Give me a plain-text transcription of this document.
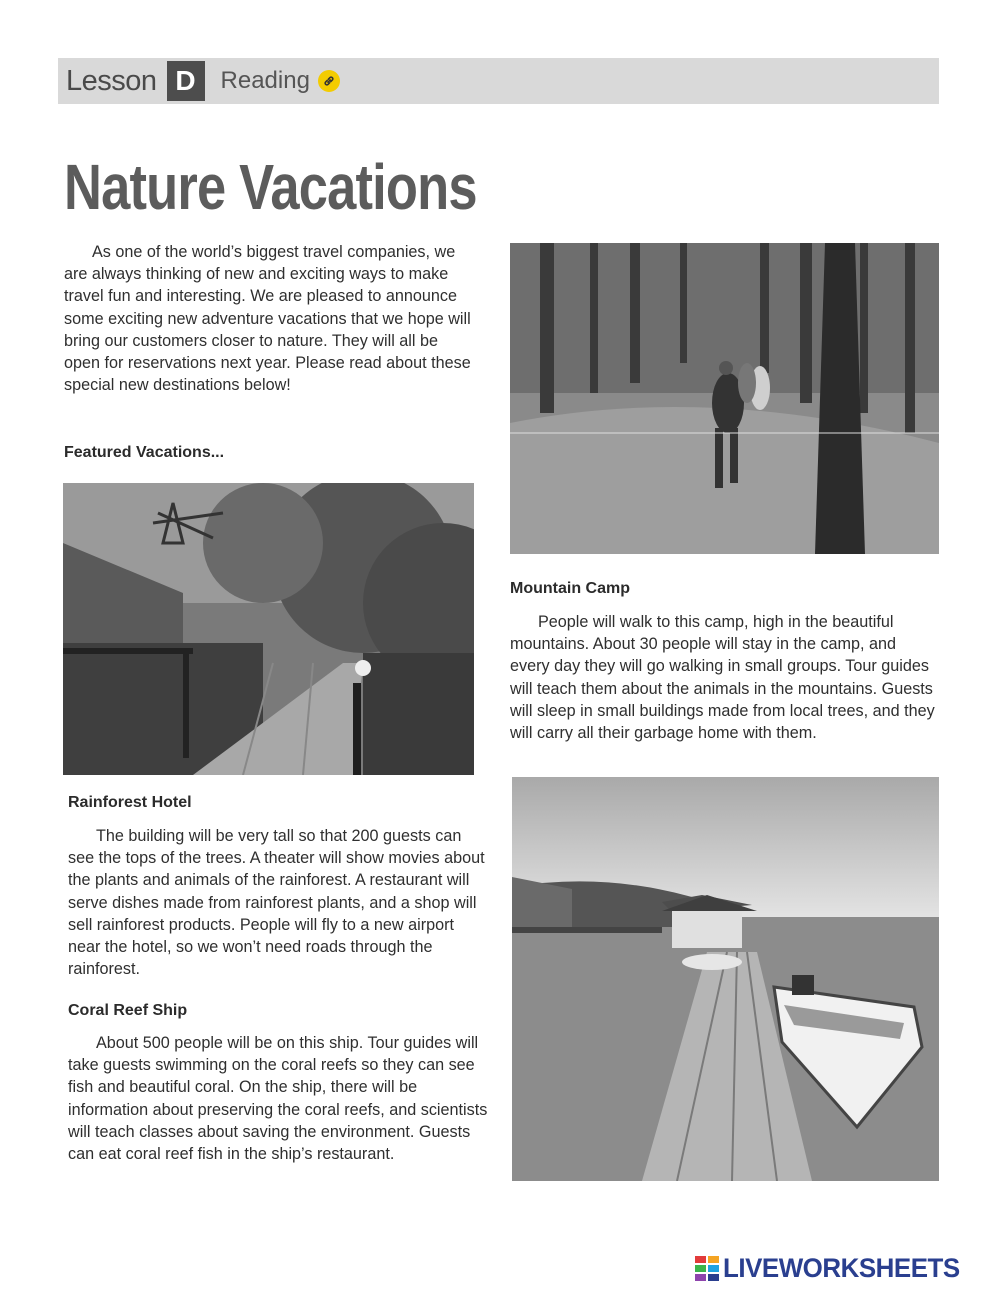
Lesson D	Reading
Nature Vacations

As one of the world’s biggest travel companies, we are always thinking of new and exciting ways to make travel fun and interesting. We are pleased to announce some exciting new adventure vacations that we hope will bring our customers closer to nature. They will all be open for reservations next year. Please read about these special new destinations below!

Featured Vacations...

Rainforest Hotel

The building will be very tall so that 200 guests can see the tops of the trees. A theater will show movies about the plants and animals of the rainforest. A restaurant will serve dishes made from rainforest plants, and a shop will sell rainforest products. People will fly to a new airport near the hotel, so we won’t need roads through the rainforest.

Coral Reef Ship

About 500 people will be on this ship. Tour guides will take guests swimming on the coral reefs so they can see fish and beautiful coral. On the ship, there will be information about preserving the coral reefs, and scientists will teach classes about saving the environment. Guests can eat coral reef fish in the ship’s restaurant.

Mountain Camp

People will walk to this camp, high in the beautiful mountains. About 30 people will stay in the camp, and every day they will go walking in small groups. Tour guides will teach them about the animals in the mountains. Guests will sleep in small buildings made from local trees, and they will carry all their garbage home with them.

LIVEWORKSHEETS
